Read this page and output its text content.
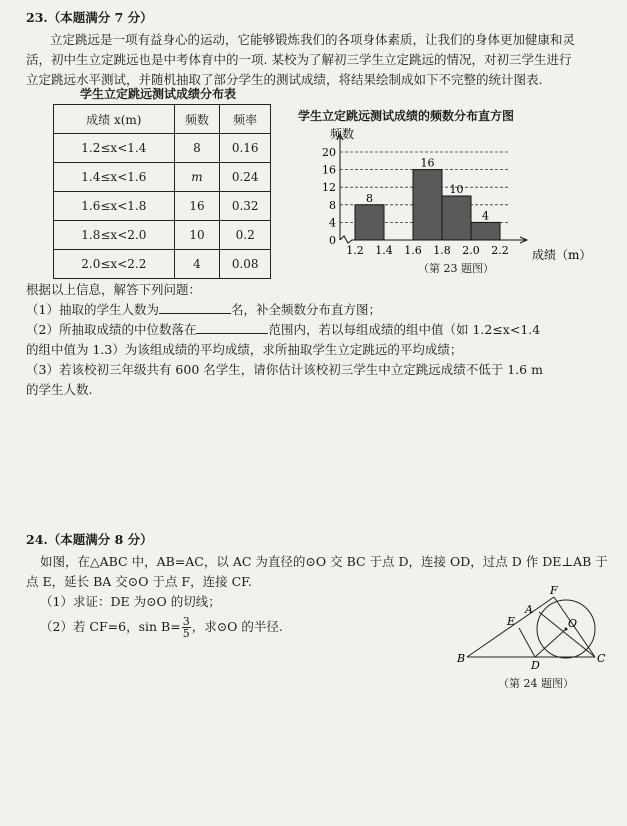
23.（本题满分 7 分）
立定跳远是一项有益身心的运动，它能够锻炼我们的各项身体素质，让我们的身体更加健康和灵
活，初中生立定跳远也是中考体育中的一项. 某校为了解初三学生立定跳远的情况，对初三学生进行
立定跳远水平测试，并随机抽取了部分学生的测试成绩，将结果绘制成如下不完整的统计图表.
学生立定跳远测试成绩分布表
成绩 x(m)	频数	频率
1.2≤x<1.4	8	0.16
1.4≤x<1.6	m	0.24
1.6≤x<1.8	16	0.32
1.8≤x<2.0	10	0.2
2.0≤x<2.2	4	0.08
学生立定跳远测试成绩的频数分布直方图
20
16
12
8
4
0
1.2 1.4 1.6 1.8 2.0 2.2
8
16
10
4
频数
成绩（m）
（第 23 题图）
根据以上信息，解答下列问题：
（1）抽取的学生人数为	名，补全频数分布直方图；
（2）所抽取成绩的中位数落在	范围内，若以每组成绩的组中值（如 1.2≤x<1.4
的组中值为 1.3）为该组成绩的平均成绩，求所抽取学生立定跳远的平均成绩；
（3）若该校初三年级共有 600 名学生，请你估计该校初三学生中立定跳远成绩不低于 1.6 m
的学生人数.
24.（本题满分 8 分）
如图，在△ABC 中，AB=AC，以 AC 为直径的⊙O 交 BC 于点 D，连接 OD，过点 D 作 DE⊥AB 于
点 E，延长 BA 交⊙O 于点 F，连接 CF.
（1）求证：DE 为⊙O 的切线；
（2）若 CF=6，$\sin B= \frac{3}{5}$ ，求⊙O 的半径.
F
A
E	O
B
D
C
（第 24 题图）
